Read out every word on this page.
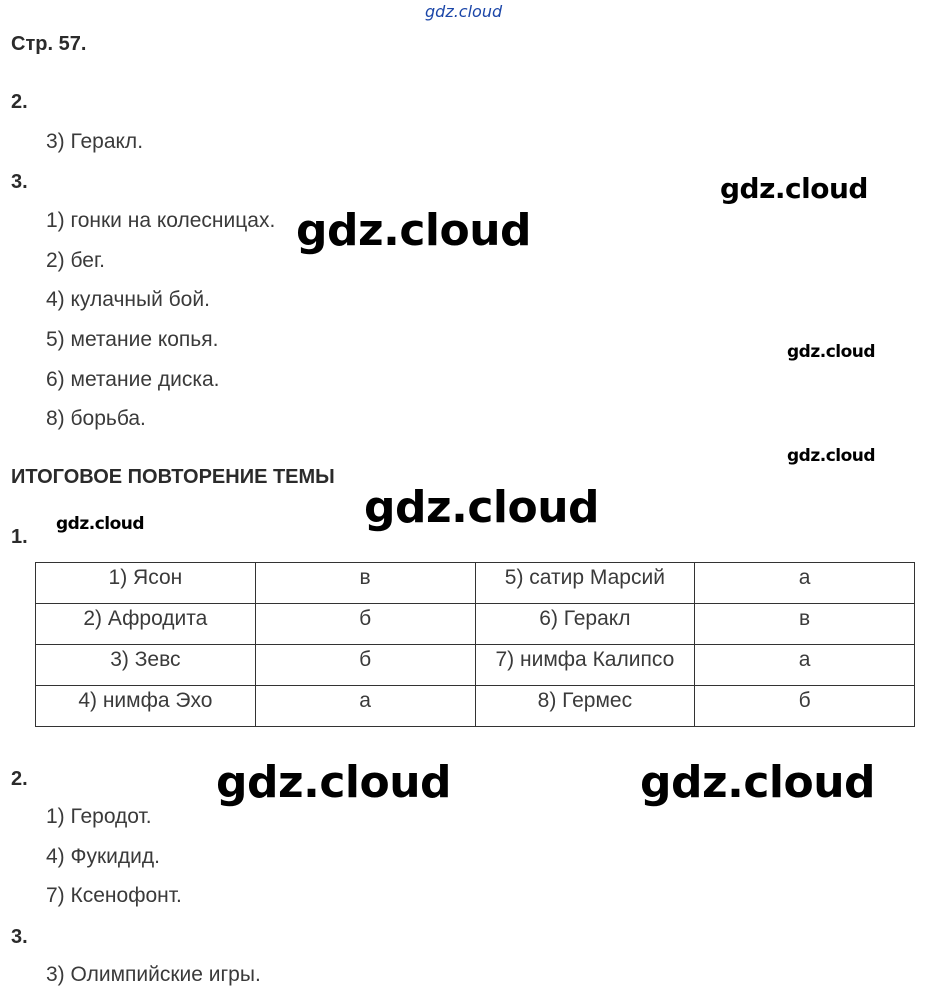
gdz.cloud
Стр. 57.
2.
3) Геракл.
3.
1) гонки на колесницах.
2) бег.
4) кулачный бой.
5) метание копья.
6) метание диска.
8) борьба.
ИТОГОВОЕ ПОВТОРЕНИЕ ТЕМЫ
1.
1) Ясон	в	5) сатир Марсий	а
2) Афродита	б	6) Геракл	в
3) Зевс	б	7) нимфа Калипсо	а
4) нимфа Эхо	а	8) Гермес	б
2.
1) Геродот.
4) Фукидид.
7) Ксенофонт.
3.
3) Олимпийские игры.
gdz.cloud
gdz.cloud
gdz.cloud
gdz.cloud
gdz.cloud
gdz.cloud
gdz.cloud	gdz.cloud
